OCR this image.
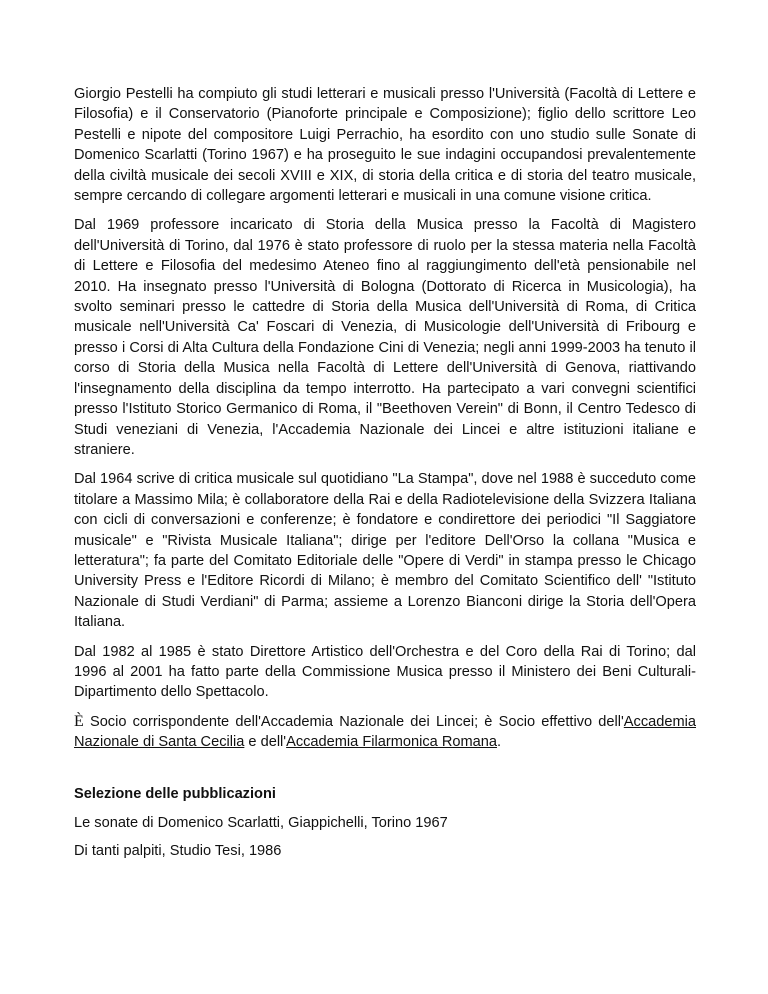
Giorgio Pestelli ha compiuto gli studi letterari e musicali presso l'Università (Facoltà di Lettere e Filosofia) e il Conservatorio (Pianoforte principale e Composizione); figlio dello scrittore Leo Pestelli e nipote del compositore Luigi Perrachio, ha esordito con uno studio sulle Sonate di Domenico Scarlatti (Torino 1967) e ha proseguito le sue indagini occupandosi prevalentemente della civiltà musicale dei secoli XVIII e XIX, di storia della critica e di storia del teatro musicale, sempre cercando di collegare argomenti letterari e musicali in una comune visione critica.

Dal 1969 professore incaricato di Storia della Musica presso la Facoltà di Magistero dell'Università di Torino, dal 1976 è stato professore di ruolo per la stessa materia nella Facoltà di Lettere e Filosofia del medesimo Ateneo fino al raggiungimento dell'età pensionabile nel 2010. Ha insegnato presso l'Università di Bologna (Dottorato di Ricerca in Musicologia), ha svolto seminari presso le cattedre di Storia della Musica dell'Università di Roma, di Critica musicale nell'Università Ca' Foscari di Venezia, di Musicologie dell'Università di Fribourg e presso i Corsi di Alta Cultura della Fondazione Cini di Venezia; negli anni 1999-2003 ha tenuto il corso di Storia della Musica nella Facoltà di Lettere dell'Università di Genova, riattivando l'insegnamento della disciplina da tempo interrotto. Ha partecipato a vari convegni scientifici presso l'Istituto Storico Germanico di Roma, il "Beethoven Verein" di Bonn, il Centro Tedesco di Studi veneziani di Venezia, l'Accademia Nazionale dei Lincei e altre istituzioni italiane e straniere.

Dal 1964 scrive di critica musicale sul quotidiano "La Stampa", dove nel 1988 è succeduto come titolare a Massimo Mila; è collaboratore della Rai e della Radiotelevisione della Svizzera Italiana con cicli di conversazioni e conferenze; è fondatore e condirettore dei periodici "Il Saggiatore musicale" e "Rivista Musicale Italiana"; dirige per l'editore Dell'Orso la collana "Musica e letteratura"; fa parte del Comitato Editoriale delle "Opere di Verdi" in stampa presso le Chicago University Press e l'Editore Ricordi di Milano; è membro del Comitato Scientifico dell' "Istituto Nazionale di Studi Verdiani" di Parma; assieme a Lorenzo Bianconi dirige la Storia dell'Opera Italiana.

Dal 1982 al 1985 è stato Direttore Artistico dell'Orchestra e del Coro della Rai di Torino; dal 1996 al 2001 ha fatto parte della Commissione Musica presso il Ministero dei Beni Culturali-Dipartimento dello Spettacolo.

È Socio corrispondente dell'Accademia Nazionale dei Lincei; è Socio effettivo dell'Accademia Nazionale di Santa Cecilia e dell'Accademia Filarmonica Romana.

Selezione delle pubblicazioni

Le sonate di Domenico Scarlatti, Giappichelli, Torino 1967

Di tanti palpiti, Studio Tesi, 1986
